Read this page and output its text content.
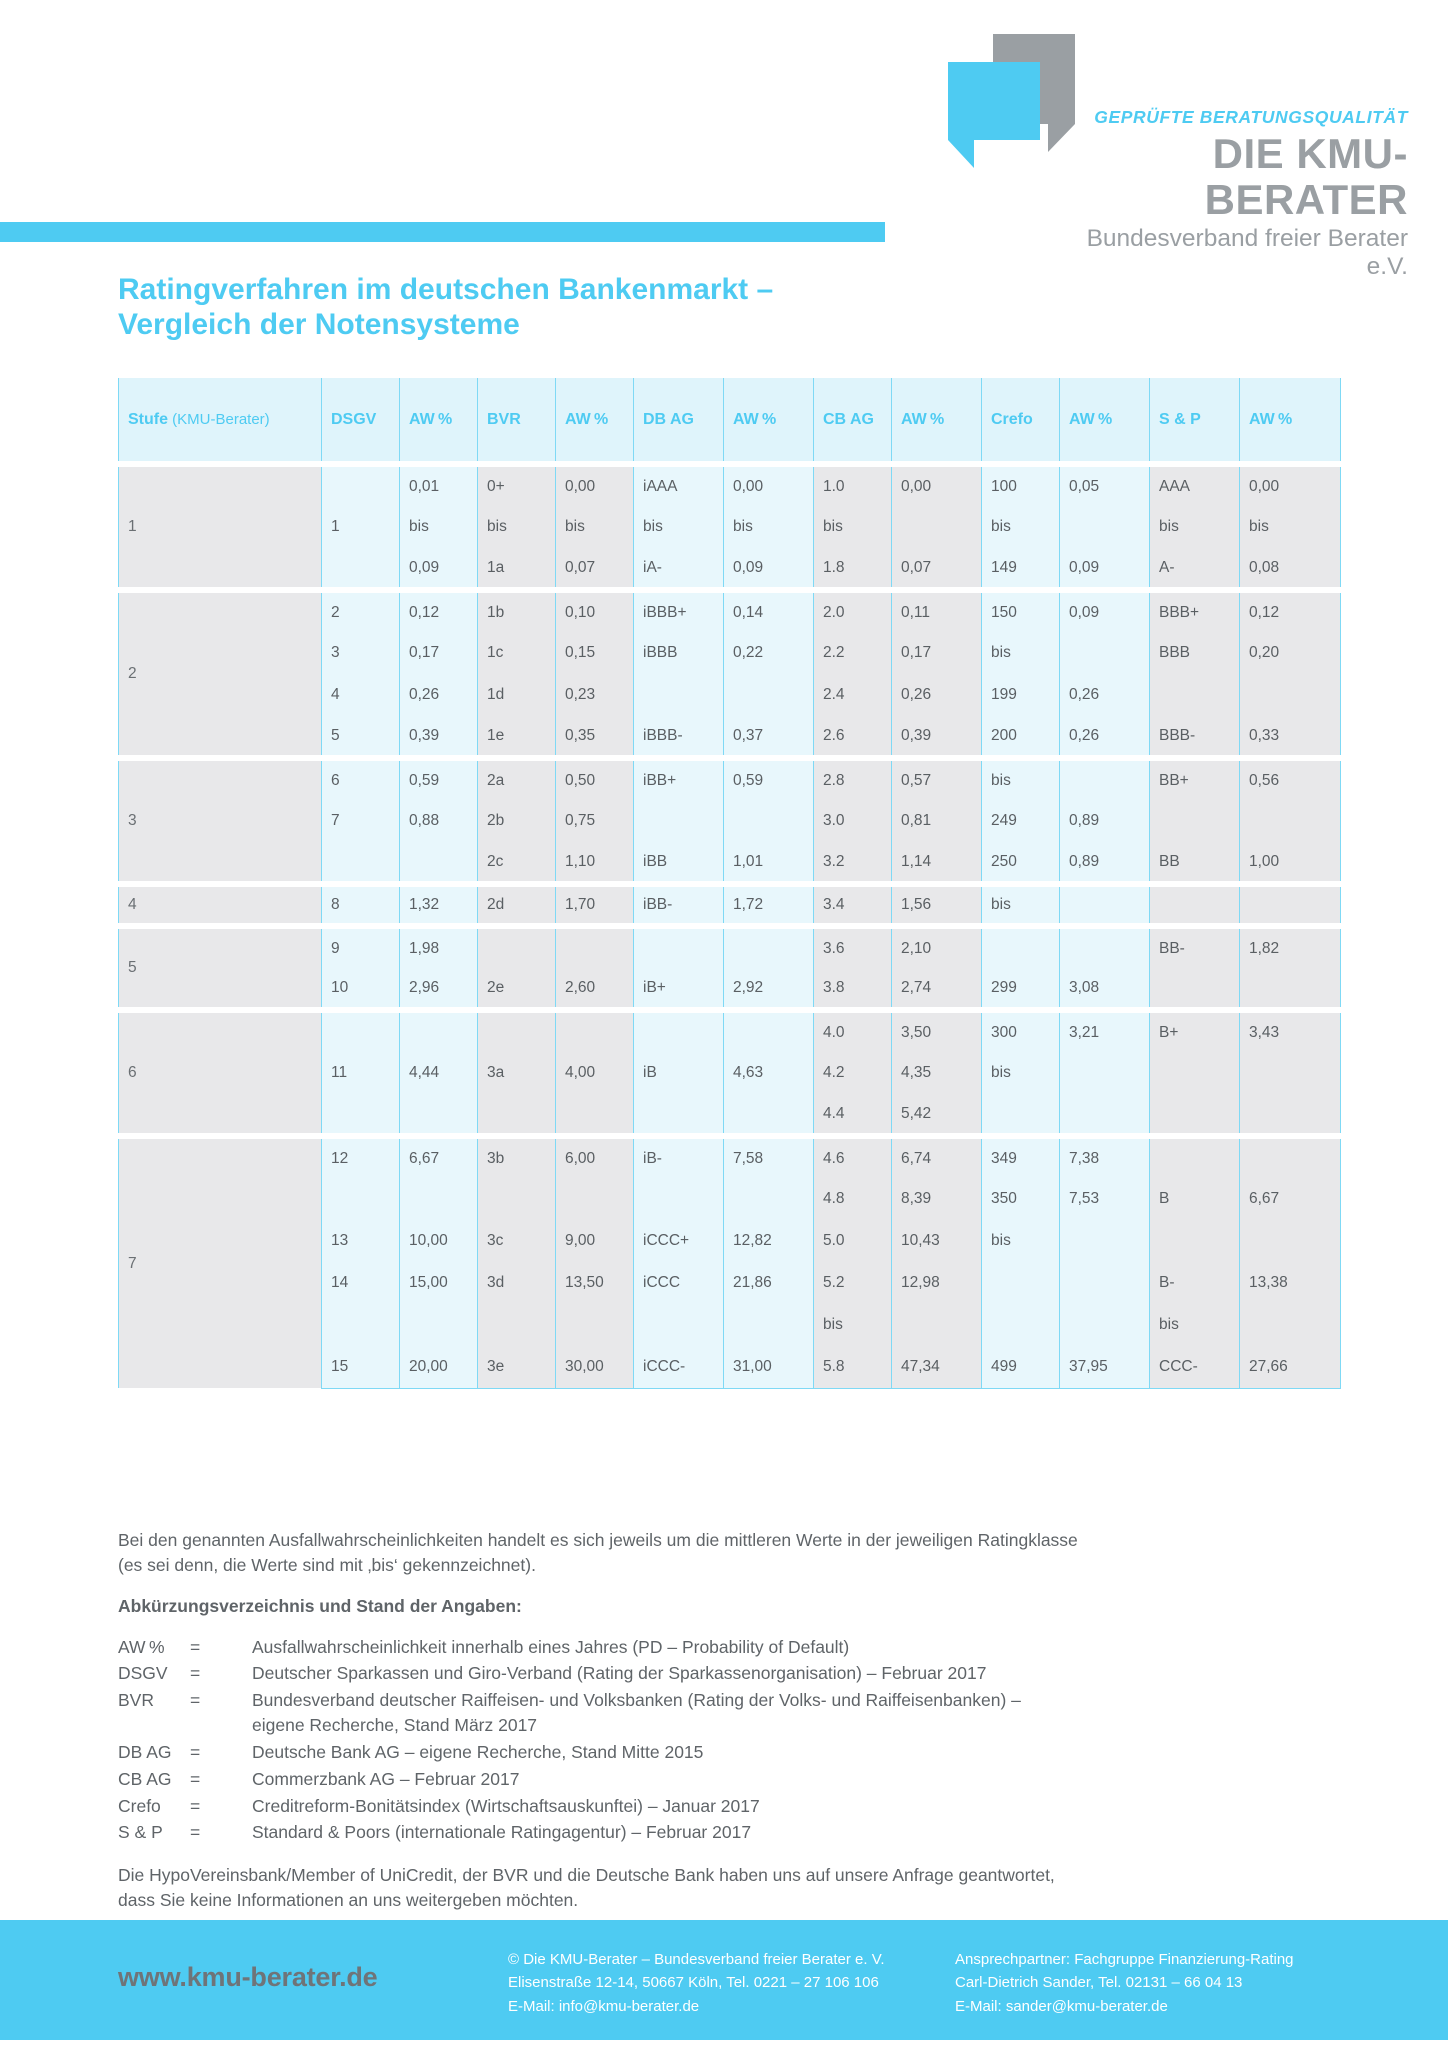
GEPRÜFTE BERATUNGSQUALITÄT
DIE KMU-BERATER
Bundesverband freier Berater e.V.
Ratingverfahren im deutschen Bankenmarkt –
Vergleich der Notensysteme
Stufe (KMU-Berater)	DSGV	AW %	BVR	AW %	DB AG	AW %	CB AG	AW %	Crefo	AW %	S & P	AW %
1		0,01	0+	0,00	iAAA	0,00	1.0	0,00	100	0,05	AAA	0,00
	1	bis	bis	bis	bis	bis	bis		bis		bis	bis
		0,09	1a	0,07	iA-	0,09	1.8	0,07	149	0,09	A-	0,08
2	2	0,12	1b	0,10	iBBB+	0,14	2.0	0,11	150	0,09	BBB+	0,12
	3	0,17	1c	0,15	iBBB	0,22	2.2	0,17	bis		BBB	0,20
	4	0,26	1d	0,23			2.4	0,26	199	0,26		
	5	0,39	1e	0,35	iBBB-	0,37	2.6	0,39	200	0,26	BBB-	0,33
3	6	0,59	2a	0,50	iBB+	0,59	2.8	0,57	bis		BB+	0,56
	7	0,88	2b	0,75			3.0	0,81	249	0,89		
			2c	1,10	iBB	1,01	3.2	1,14	250	0,89	BB	1,00
4	8	1,32	2d	1,70	iBB-	1,72	3.4	1,56	bis			
5	9	1,98					3.6	2,10			BB-	1,82
	10	2,96	2e	2,60	iB+	2,92	3.8	2,74	299	3,08		
6							4.0	3,50	300	3,21	B+	3,43
	11	4,44	3a	4,00	iB	4,63	4.2	4,35	bis			
							4.4	5,42				
7	12	6,67	3b	6,00	iB-	7,58	4.6	6,74	349	7,38		
							4.8	8,39	350	7,53	B	6,67
	13	10,00	3c	9,00	iCCC+	12,82	5.0	10,43	bis			
	14	15,00	3d	13,50	iCCC	21,86	5.2	12,98			B-	13,38
							bis				bis	
	15	20,00	3e	30,00	iCCC-	31,00	5.8	47,34	499	37,95	CCC-	27,66

Bei den genannten Ausfallwahrscheinlichkeiten handelt es sich jeweils um die mittleren Werte in der jeweiligen Ratingklasse
(es sei denn, die Werte sind mit ‚bis‘ gekennzeichnet).

Abkürzungsverzeichnis und Stand der Angaben:

AW %	=	Ausfallwahrscheinlichkeit innerhalb eines Jahres (PD – Probability of Default)
DSGV	=	Deutscher Sparkassen und Giro-Verband (Rating der Sparkassenorganisation) – Februar 2017
BVR	=	Bundesverband deutscher Raiffeisen- und Volksbanken (Rating der Volks- und Raiffeisenbanken) –
eigene Recherche, Stand März 2017

DB AG	=	Deutsche Bank AG – eigene Recherche, Stand Mitte 2015
CB AG	=	Commerzbank AG – Februar 2017
Crefo	=	Creditreform-Bonitätsindex (Wirtschaftsauskunftei) – Januar 2017
S & P	=	Standard & Poors (internationale Ratingagentur) – Februar 2017

Die HypoVereinsbank/Member of UniCredit, der BVR und die Deutsche Bank haben uns auf unsere Anfrage geantwortet,
dass Sie keine Informationen an uns weitergeben möchten.

www.kmu-berater.de
© Die KMU-Berater – Bundesverband freier Berater e. V.
Elisenstraße 12-14, 50667 Köln, Tel. 0221 – 27 106 106
E-Mail: info@kmu-berater.de
Ansprechpartner: Fachgruppe Finanzierung-Rating
Carl-Dietrich Sander, Tel. 02131 – 66 04 13
E-Mail: sander@kmu-berater.de
